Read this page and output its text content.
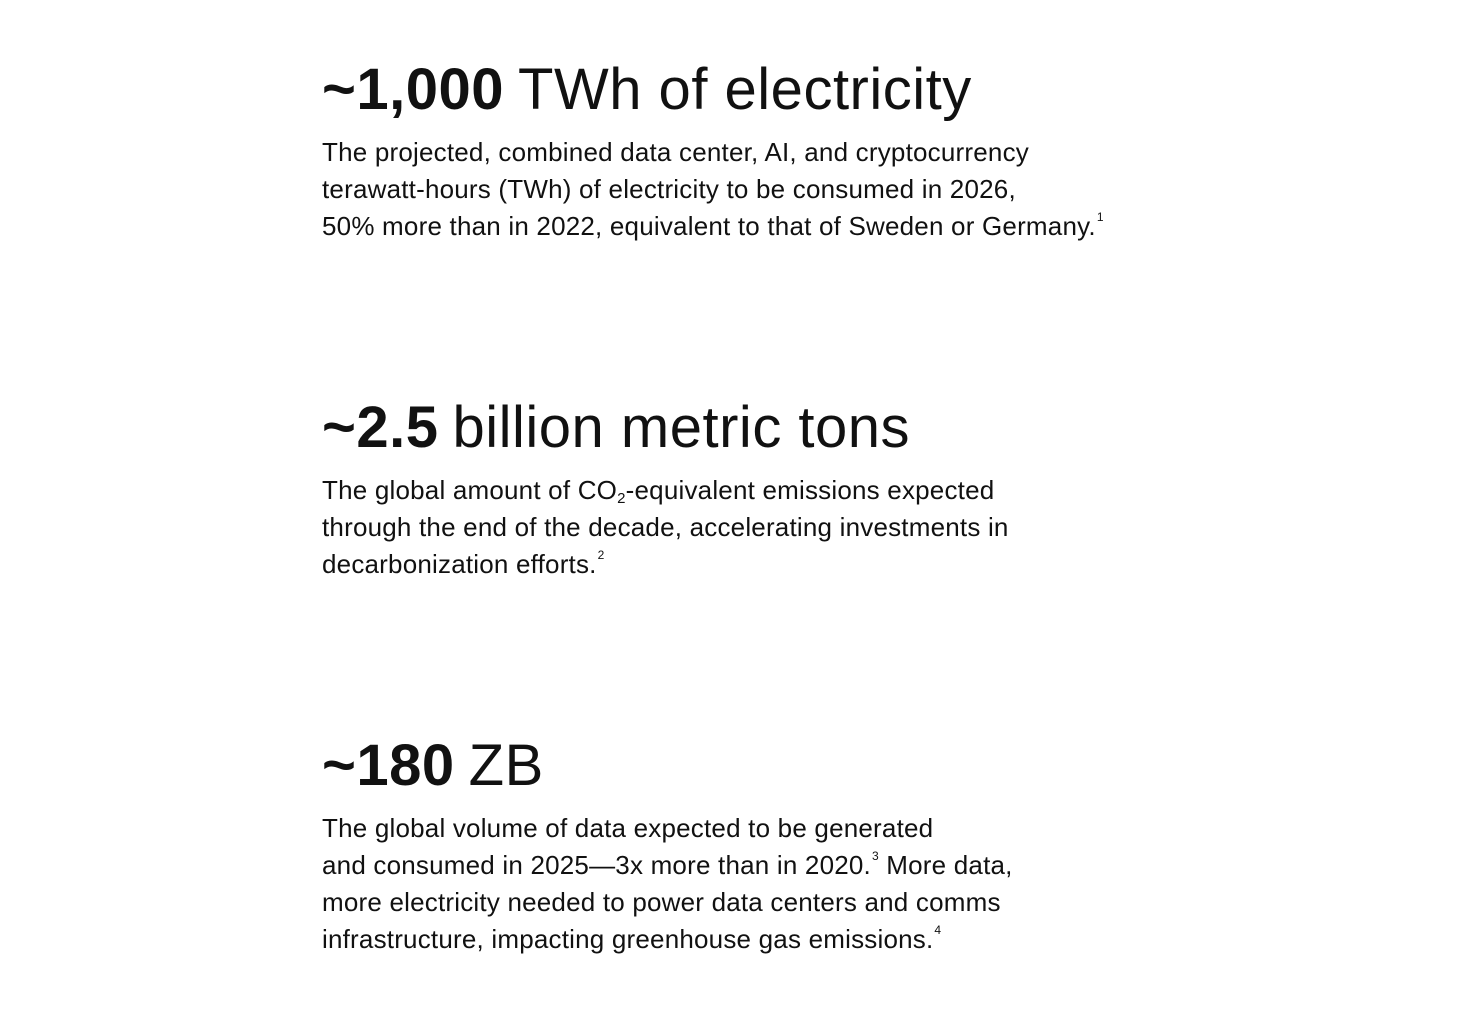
~1,000 TWh of electricity

The projected, combined data center, AI, and cryptocurrency
terawatt-hours (TWh) of electricity to be consumed in 2026,
50% more than in 2022, equivalent to that of Sweden or Germany.$^1$

~2.5 billion metric tons

The global amount of $CO_2$-equivalent emissions expected
through the end of the decade, accelerating investments in
decarbonization efforts.$^2$

~180 ZB

The global volume of data expected to be generated
and consumed in 2025—3x more than in 2020.$^3$ More data,
more electricity needed to power data centers and comms
infrastructure, impacting greenhouse gas emissions.$^4$
